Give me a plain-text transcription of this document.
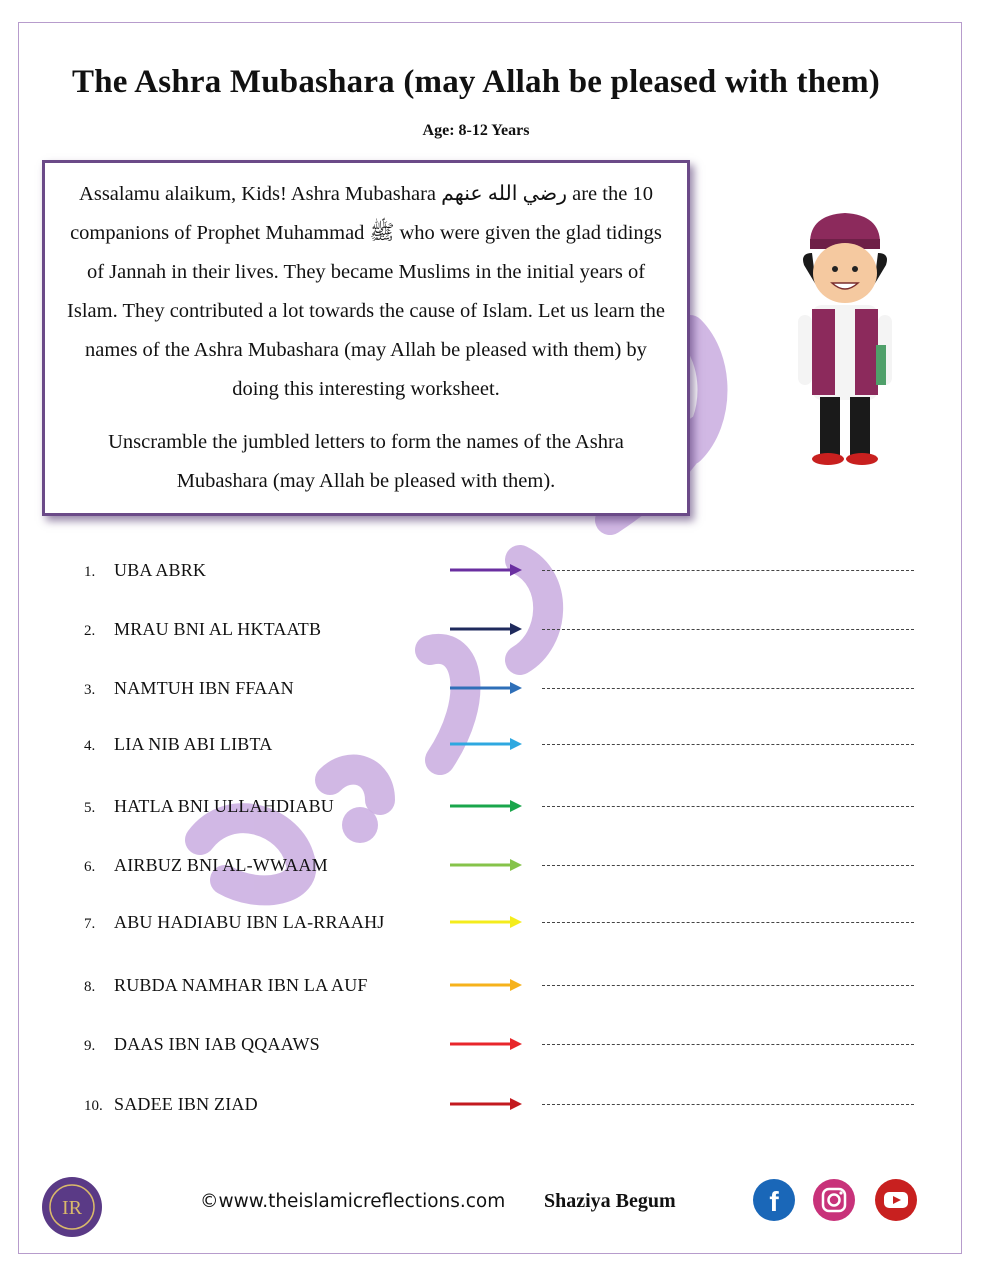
The Ashra Mubashara (may Allah be pleased with them)
Age: 8-12 Years

Assalamu alaikum, Kids! Ashra Mubashara رضي الله عنهم are the 10 companions of Prophet Muhammad ﷺ who were given the glad tidings of Jannah in their lives. They became Muslims in the initial years of Islam. They contributed a lot towards the cause of Islam. Let us learn the names of the Ashra Mubashara (may Allah be pleased with them) by doing this interesting worksheet.

Unscramble the jumbled letters to form the names of the Ashra Mubashara (may Allah be pleased with them).

1. UBA ABRK
2. MRAU BNI AL HKTAATB
3. NAMTUH IBN FFAAN
4. LIA NIB ABI LIBTA
5. HATLA BNI ULLAHDIABU
6. AIRBUZ BNI AL-WWAAM
7. ABU HADIABU IBN LA-RRAAHJ
8. RUBDA NAMHAR IBN LA AUF
9. DAAS IBN IAB QQAAWS
10. SADEE IBN ZIAD
IR	©www.theislamicreflections.com Shaziya Begum	f
